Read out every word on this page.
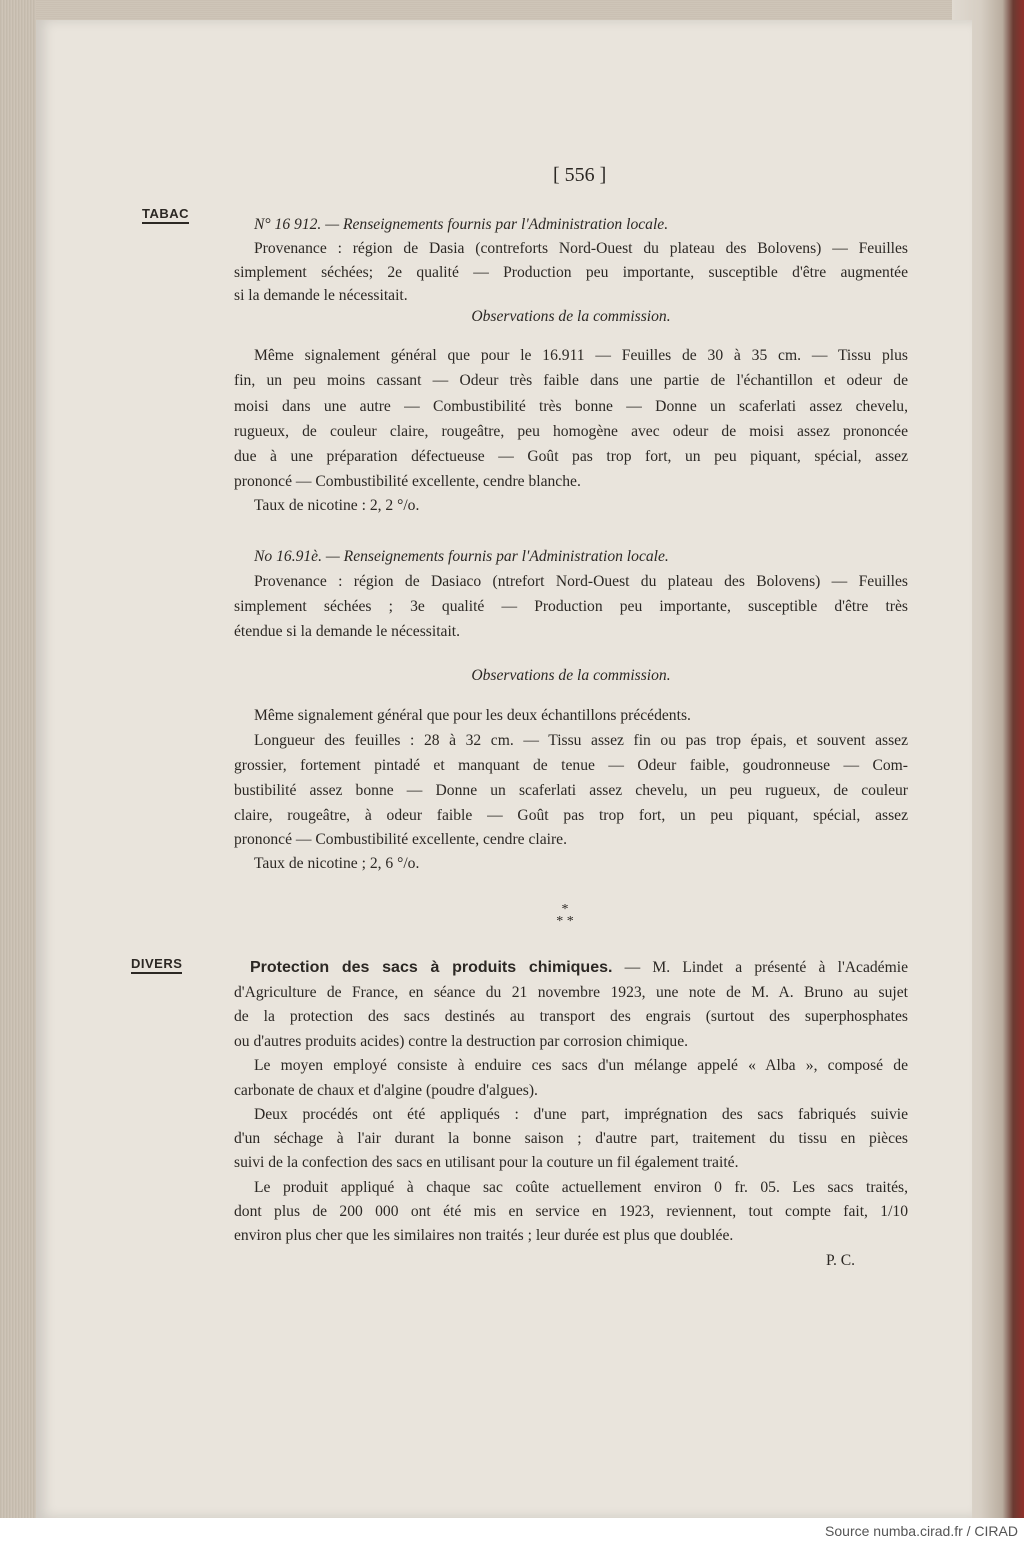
[ 556 ]
TABAC
DIVERS
N° 16 912. — Renseignements fournis par l'Administration locale.
Provenance : région de Dasia (contreforts Nord-Ouest du plateau des Bolovens) — Feuilles
simplement séchées; 2e qualité — Production peu importante, susceptible d'être augmentée
si la demande le nécessitait.
Observations de la commission.
Même signalement général que pour le 16.911 — Feuilles de 30 à 35 cm. — Tissu plus
fin, un peu moins cassant — Odeur très faible dans une partie de l'échantillon et odeur de
moisi dans une autre — Combustibilité très bonne — Donne un scaferlati assez chevelu,
rugueux, de couleur claire, rougeâtre, peu homogène avec odeur de moisi assez prononcée
due à une préparation défectueuse — Goût pas trop fort, un peu piquant, spécial, assez
prononcé — Combustibilité excellente, cendre blanche.
Taux de nicotine : 2, 2 °/o.
No 16.91è. — Renseignements fournis par l'Administration locale.
Provenance : région de Dasiaco (ntrefort Nord-Ouest du plateau des Bolovens) — Feuilles
simplement séchées ; 3e qualité — Production peu importante, susceptible d'être très
étendue si la demande le nécessitait.
Observations de la commission.
Même signalement général que pour les deux échantillons précédents.
Longueur des feuilles : 28 à 32 cm. — Tissu assez fin ou pas trop épais, et souvent assez
grossier, fortement pintadé et manquant de tenue — Odeur faible, goudronneuse — Com-
bustibilité assez bonne — Donne un scaferlati assez chevelu, un peu rugueux, de couleur
claire, rougeâtre, à odeur faible — Goût pas trop fort, un peu piquant, spécial, assez
prononcé — Combustibilité excellente, cendre claire.
Taux de nicotine ; 2, 6 °/o.
*
* *
Protection des sacs à produits chimiques. — M. Lindet a présenté à l'Académie
d'Agriculture de France, en séance du 21 novembre 1923, une note de M. A. Bruno au sujet
de la protection des sacs destinés au transport des engrais (surtout des superphosphates
ou d'autres produits acides) contre la destruction par corrosion chimique.
Le moyen employé consiste à enduire ces sacs d'un mélange appelé « Alba », composé de
carbonate de chaux et d'algine (poudre d'algues).
Deux procédés ont été appliqués : d'une part, imprégnation des sacs fabriqués suivie
d'un séchage à l'air durant la bonne saison ; d'autre part, traitement du tissu en pièces
suivi de la confection des sacs en utilisant pour la couture un fil également traité.
Le produit appliqué à chaque sac coûte actuellement environ 0 fr. 05. Les sacs traités,
dont plus de 200 000 ont été mis en service en 1923, reviennent, tout compte fait, 1/10
environ plus cher que les similaires non traités ; leur durée est plus que doublée.
P. C.
Source numba.cirad.fr / CIRAD
